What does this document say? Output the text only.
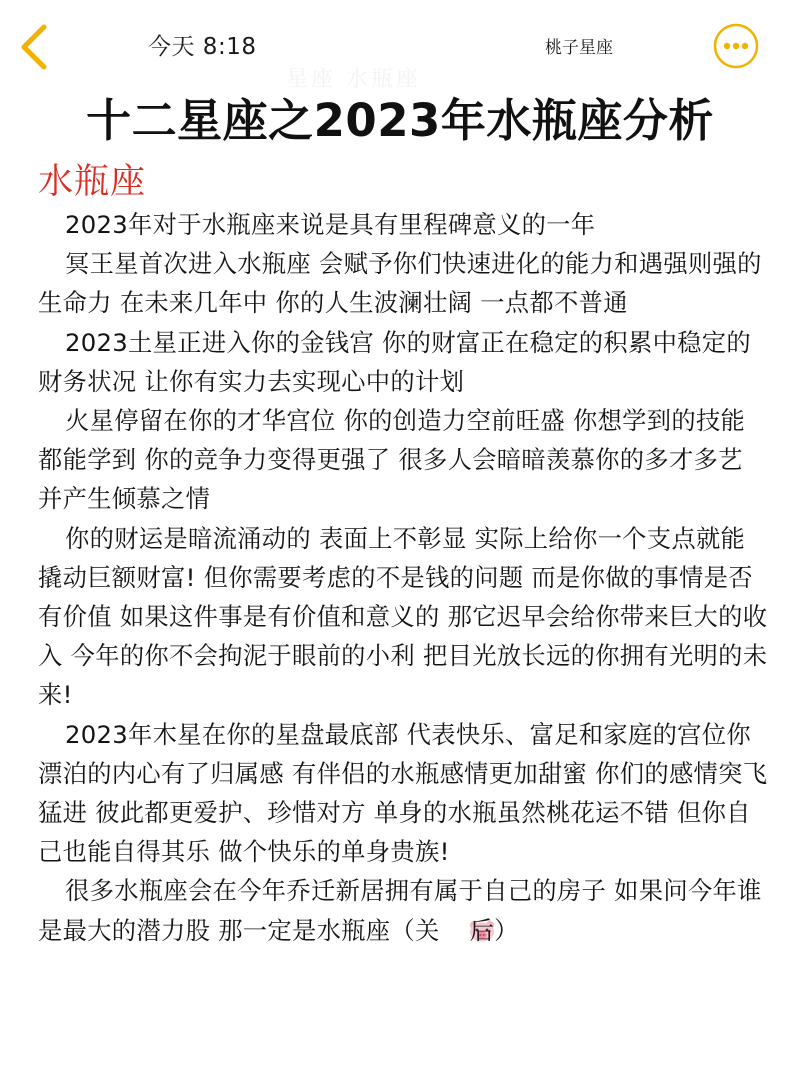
今天 8:18
星座 水瓶座
桃子星座
十二星座之2023年水瓶座分析
水瓶座

2023年对于水瓶座来说是具有里程碑意义的一年

冥王星首次进入水瓶座 会赋予你们快速进化的能力和遇强则强的生命力 在未来几年中 你的人生波澜壮阔 一点都不普通

2023土星正进入你的金钱宫 你的财富正在稳定的积累中稳定的财务状况 让你有实力去实现心中的计划

火星停留在你的才华宫位 你的创造力空前旺盛 你想学到的技能都能学到 你的竞争力变得更强了 很多人会暗暗羡慕你的多才多艺 并产生倾慕之情

你的财运是暗流涌动的 表面上不彰显 实际上给你一个支点就能撬动巨额财富! 但你需要考虑的不是钱的问题 而是你做的事情是否有价值 如果这件事是有价值和意义的 那它迟早会给你带来巨大的收入 今年的你不会拘泥于眼前的小利 把目光放长远的你拥有光明的未来!

2023年木星在你的星盘最底部 代表快乐、富足和家庭的宫位你漂泊的内心有了归属感 有伴侣的水瓶感情更加甜蜜 你们的感情突飞猛进 彼此都更爱护、珍惜对方 单身的水瓶虽然桃花运不错 但你自己也能自得其乐 做个快乐的单身贵族!

很多水瓶座会在今年乔迁新居拥有属于自己的房子 如果问今年谁是最大的潜力股 那一定是水瓶座（关 后）
